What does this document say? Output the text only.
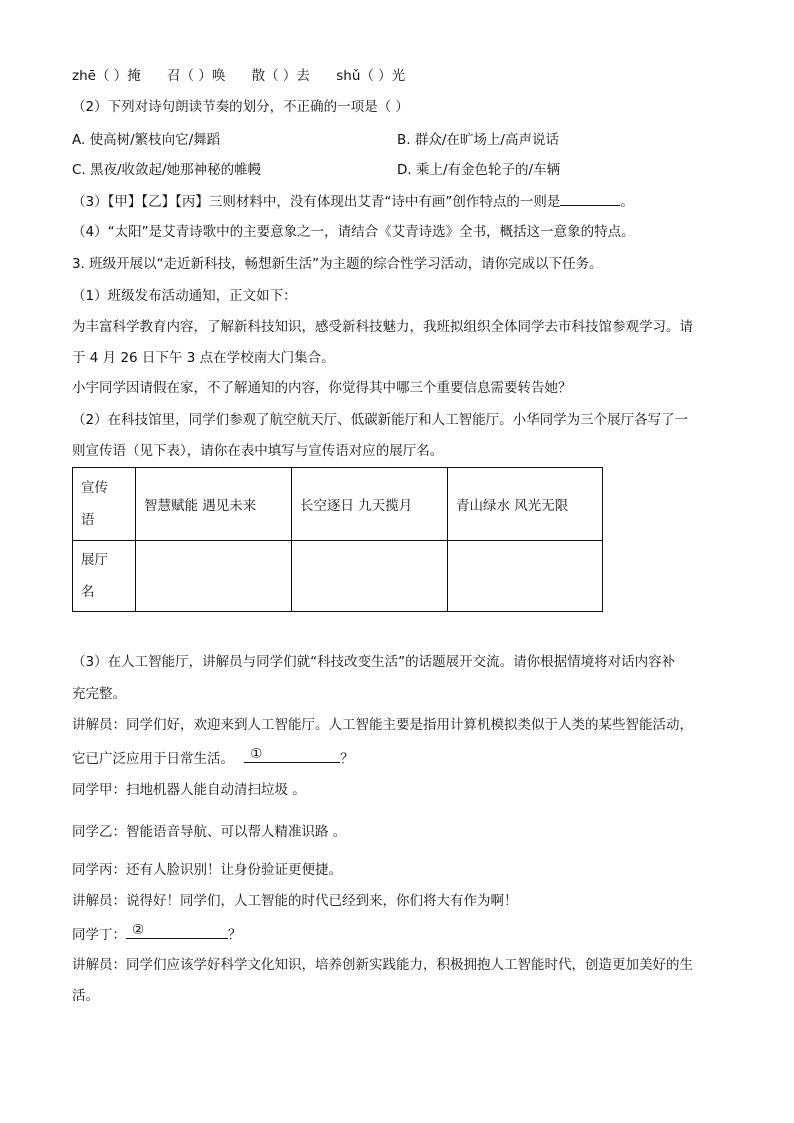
zhē（ ）掩 召（ ）唤 散（ ）去 shǔ（ ）光
（2）下列对诗句朗读节奏的划分，不正确的一项是（ ）
A. 使高树/繁枝向它/舞蹈	B. 群众/在旷场上/高声说话
C. 黑夜/收敛起/她那神秘的帷幔	D. 乘上/有金色轮子的/车辆
（3）【甲】【乙】【丙】三则材料中，没有体现出艾青“诗中有画”创作特点的一则是	。
（4）“太阳”是艾青诗歌中的主要意象之一，请结合《艾青诗选》全书，概括这一意象的特点。
3. 班级开展以“走近新科技，畅想新生活”为主题的综合性学习活动，请你完成以下任务。
（1）班级发布活动通知，正文如下：
为丰富科学教育内容，了解新科技知识，感受新科技魅力，我班拟组织全体同学去市科技馆参观学习。请
于 4 月 26 日下午 3 点在学校南大门集合。
小宇同学因请假在家，不了解通知的内容，你觉得其中哪三个重要信息需要转告她？
（2）在科技馆里，同学们参观了航空航天厅、低碳新能厅和人工智能厅。小华同学为三个展厅各写了一
则宣传语（见下表），请你在表中填写与宣传语对应的展厅名。
宣传
语	智慧赋能 遇见未来	长空逐日 九天揽月	青山绿水 风光无限

展厅
名			

（3）在人工智能厅，讲解员与同学们就“科技改变生活”的话题展开交流。请你根据情境将对话内容补
充完整。
讲解员：同学们好，欢迎来到人工智能厅。人工智能主要是指用计算机模拟类似于人类的某些智能活动，
它已广泛应用于日常生活。 ①	？
同学甲：扫地机器人能自动清扫垃圾 。
同学乙：智能语音导航、可以帮人精准识路 。
同学丙：还有人脸识别！让身份验证更便捷。
讲解员：说得好！同学们，人工智能的时代已经到来，你们将大有作为啊！
同学丁： ②	？
讲解员：同学们应该学好科学文化知识，培养创新实践能力，积极拥抱人工智能时代，创造更加美好的生
活。
